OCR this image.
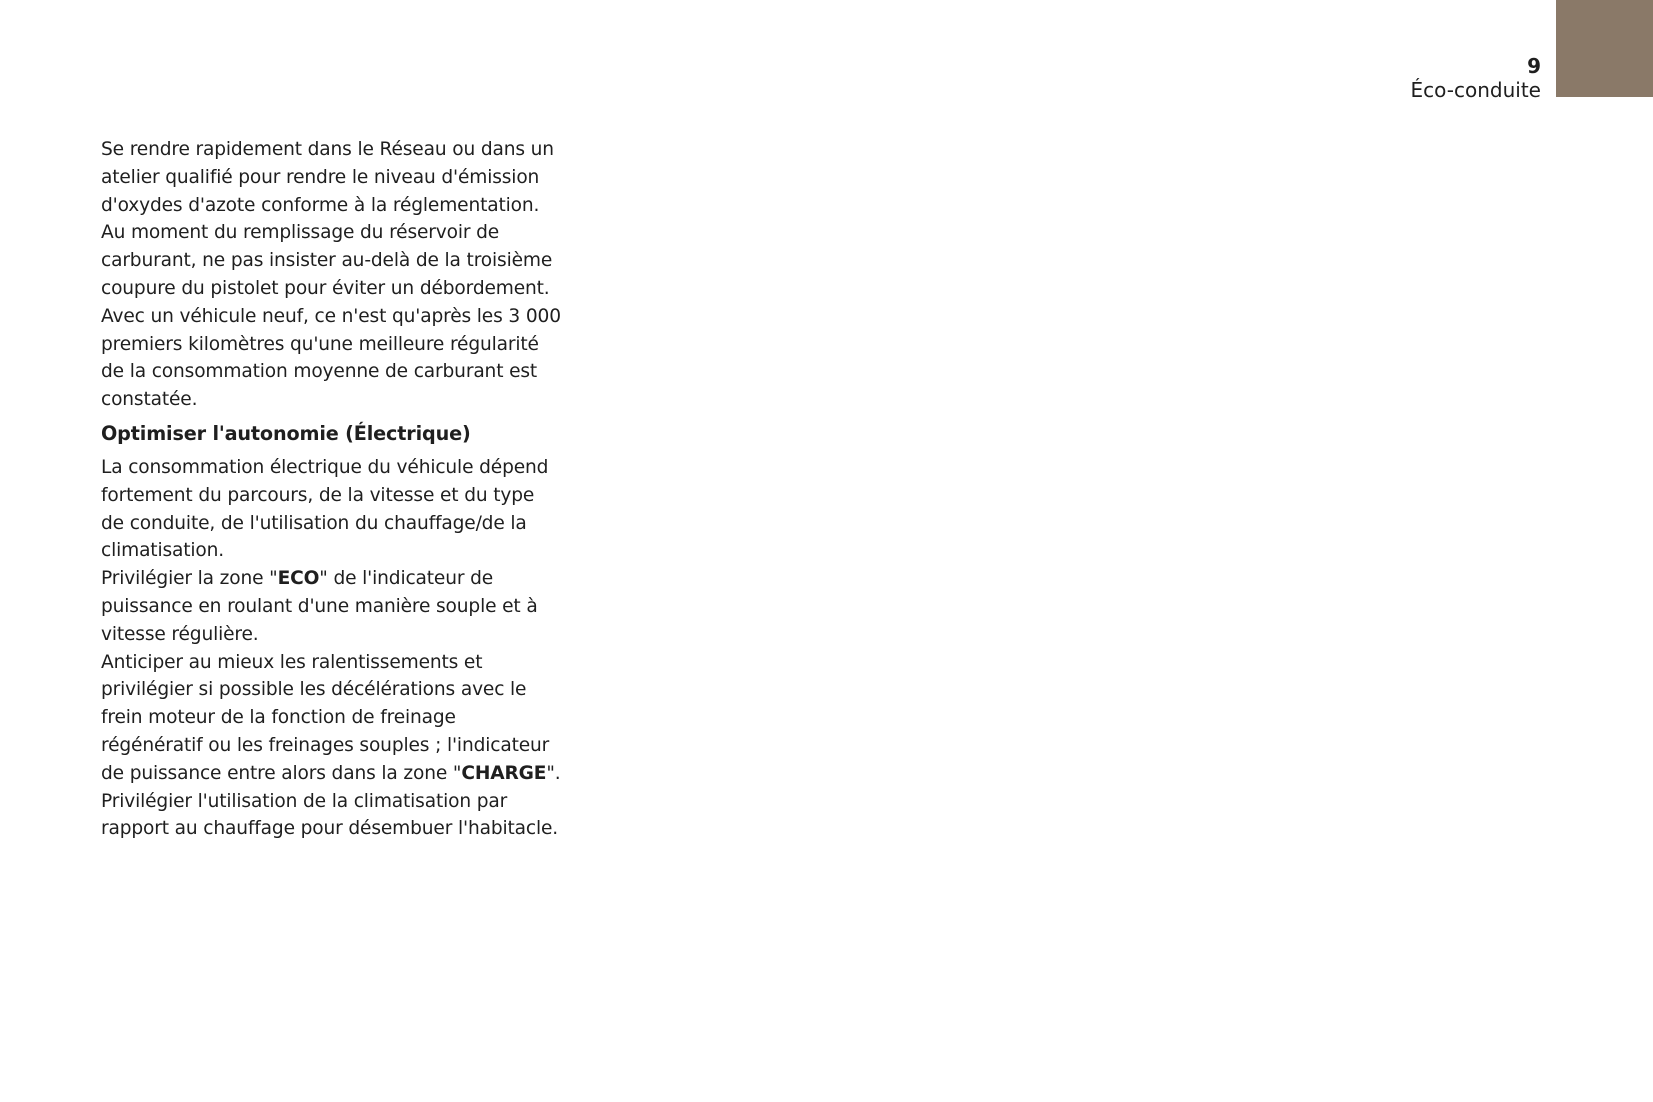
9
Éco-conduite

Se rendre rapidement dans le Réseau ou dans un atelier qualifié pour rendre le niveau d'émission d'oxydes d'azote conforme à la réglementation.

Au moment du remplissage du réservoir de carburant, ne pas insister au-delà de la troisième coupure du pistolet pour éviter un débordement.

Avec un véhicule neuf, ce n'est qu'après les 3 000 premiers kilomètres qu'une meilleure régularité de la consommation moyenne de carburant est constatée.

Optimiser l'autonomie (Électrique)

La consommation électrique du véhicule dépend fortement du parcours, de la vitesse et du type de conduite, de l'utilisation du chauffage/de la climatisation.

Privilégier la zone "ECO" de l'indicateur de puissance en roulant d'une manière souple et à vitesse régulière.

Anticiper au mieux les ralentissements et privilégier si possible les décélérations avec le frein moteur de la fonction de freinage régénératif ou les freinages souples ; l'indicateur de puissance entre alors dans la zone "CHARGE".

Privilégier l'utilisation de la climatisation par rapport au chauffage pour désembuer l'habitacle.
